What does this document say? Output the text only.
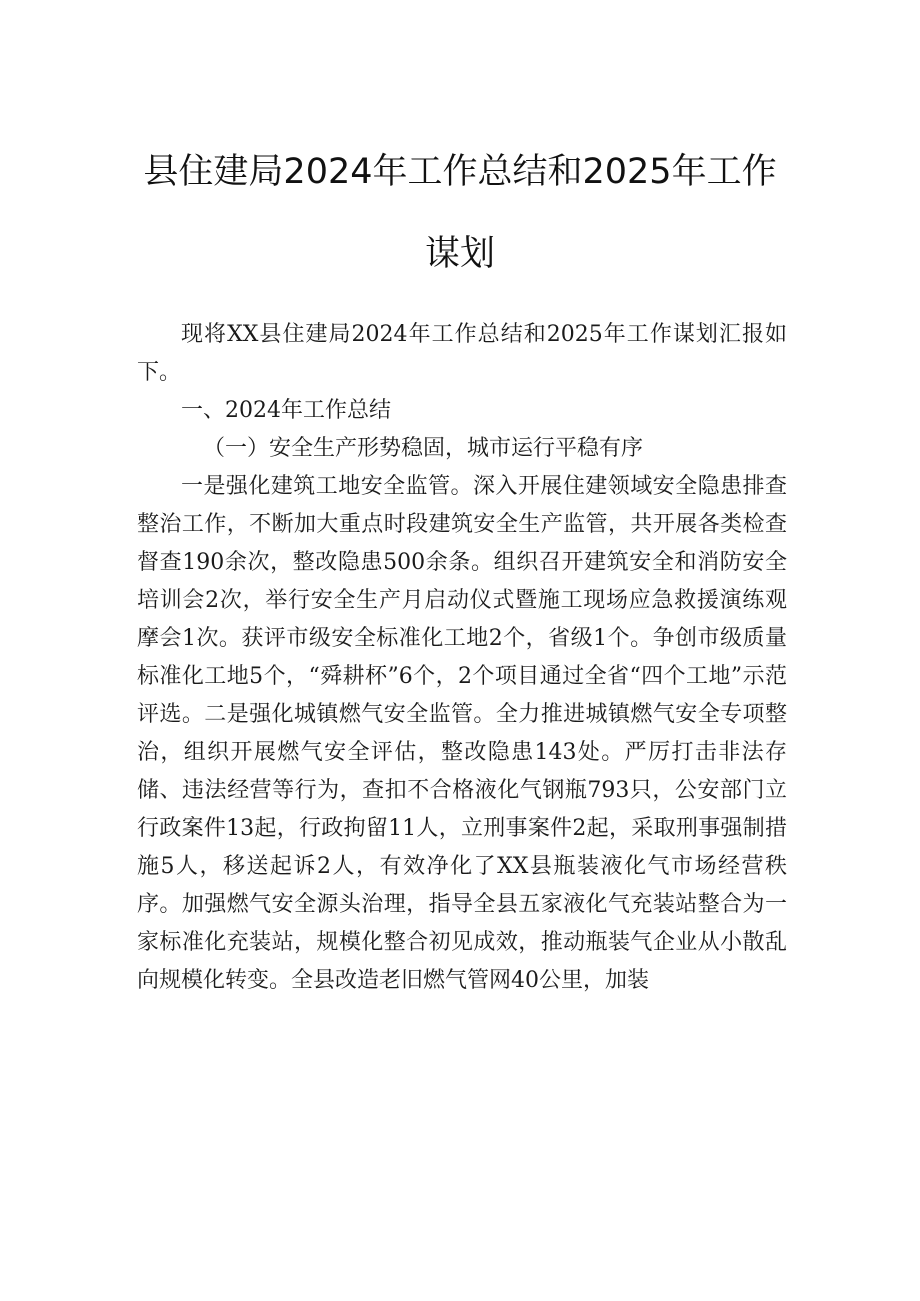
县住建局2024年工作总结和2025年工作
谋划

现将XX县住建局2024年工作总结和2025年工作谋划汇报如下。

一、2024年工作总结

（一）安全生产形势稳固，城市运行平稳有序

一是强化建筑工地安全监管。深入开展住建领域安全隐患排查整治工作，不断加大重点时段建筑安全生产监管，共开展各类检查督查190余次，整改隐患500余条。组织召开建筑安全和消防安全培训会2次，举行安全生产月启动仪式暨施工现场应急救援演练观摩会1次。获评市级安全标准化工地2个，省级1个。争创市级质量标准化工地5个，“舜耕杯”6个，2个项目通过全省“四个工地”示范评选。二是强化城镇燃气安全监管。全力推进城镇燃气安全专项整治，组织开展燃气安全评估，整改隐患143处。严厉打击非法存储、违法经营等行为，查扣不合格液化气钢瓶793只，公安部门立行政案件13起，行政拘留11人，立刑事案件2起，采取刑事强制措施5人，移送起诉2人，有效净化了XX县瓶装液化气市场经营秩序。加强燃气安全源头治理，指导全县五家液化气充装站整合为一家标准化充装站，规模化整合初见成效，推动瓶装气企业从小散乱向规模化转变。全县改造老旧燃气管网40公里，加装
